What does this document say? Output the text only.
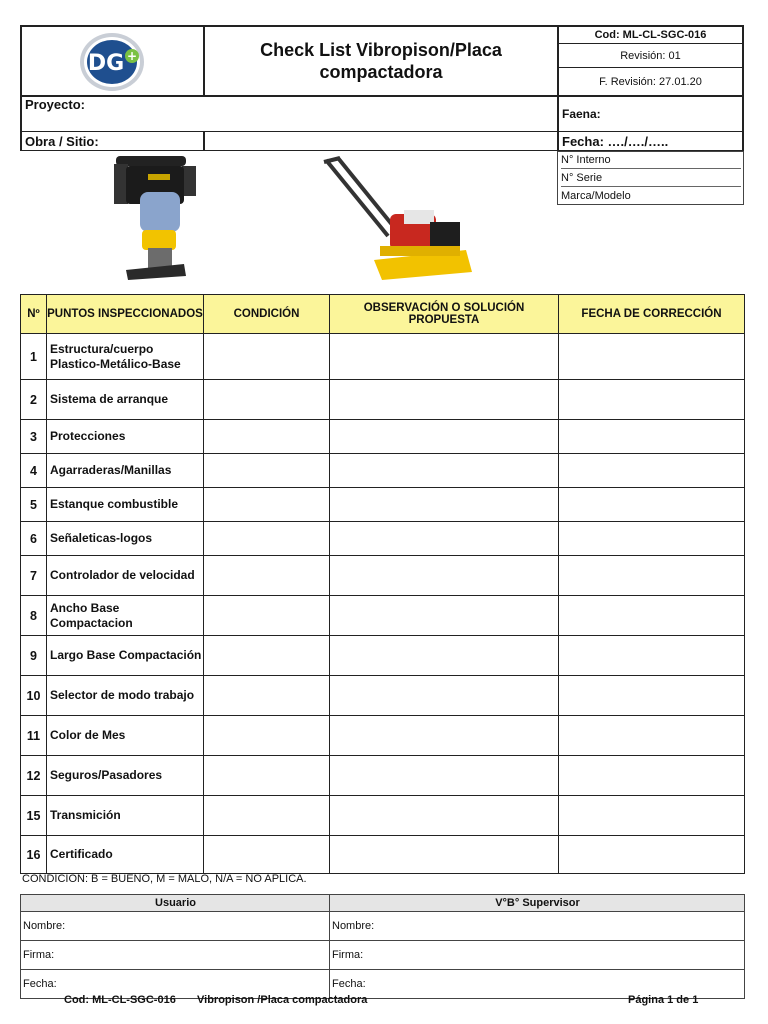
DG +	Check List Vibropison/Placa
compactadora
Cod: ML-CL-SGC-016
Revisión: 01
F. Revisión: 27.01.20
Proyecto:
Faena:
Obra / Sitio:	Fecha: …./…./…..
N° Interno
N° Serie
Marca/Modelo
Nº	PUNTOS INSPECCIONADOS	CONDICIÓN	OBSERVACIÓN O SOLUCIÓN PROPUESTA	FECHA DE CORRECCIÓN
1	Estructura/cuerpo Plastico-Metálico-Base			
2	Sistema de arranque			
3	Protecciones			
4	Agarraderas/Manillas			
5	Estanque combustible			
6	Señaleticas-logos			
7	Controlador de velocidad			
8	Ancho Base Compactacion			
9	Largo Base Compactación			
10	Selector de modo trabajo			
11	Color de Mes			
12	Seguros/Pasadores			
15	Transmición			
16	Certificado			
CONDICION: B = BUENO, M = MALO, N/A = NO APLICA.
Usuario	V°B° Supervisor
Nombre:	Nombre:
Firma:	Firma:
Fecha:	Fecha:
Cod: ML-CL-SGC-016 Vibropison /Placa compactadora	Página 1 de 1
